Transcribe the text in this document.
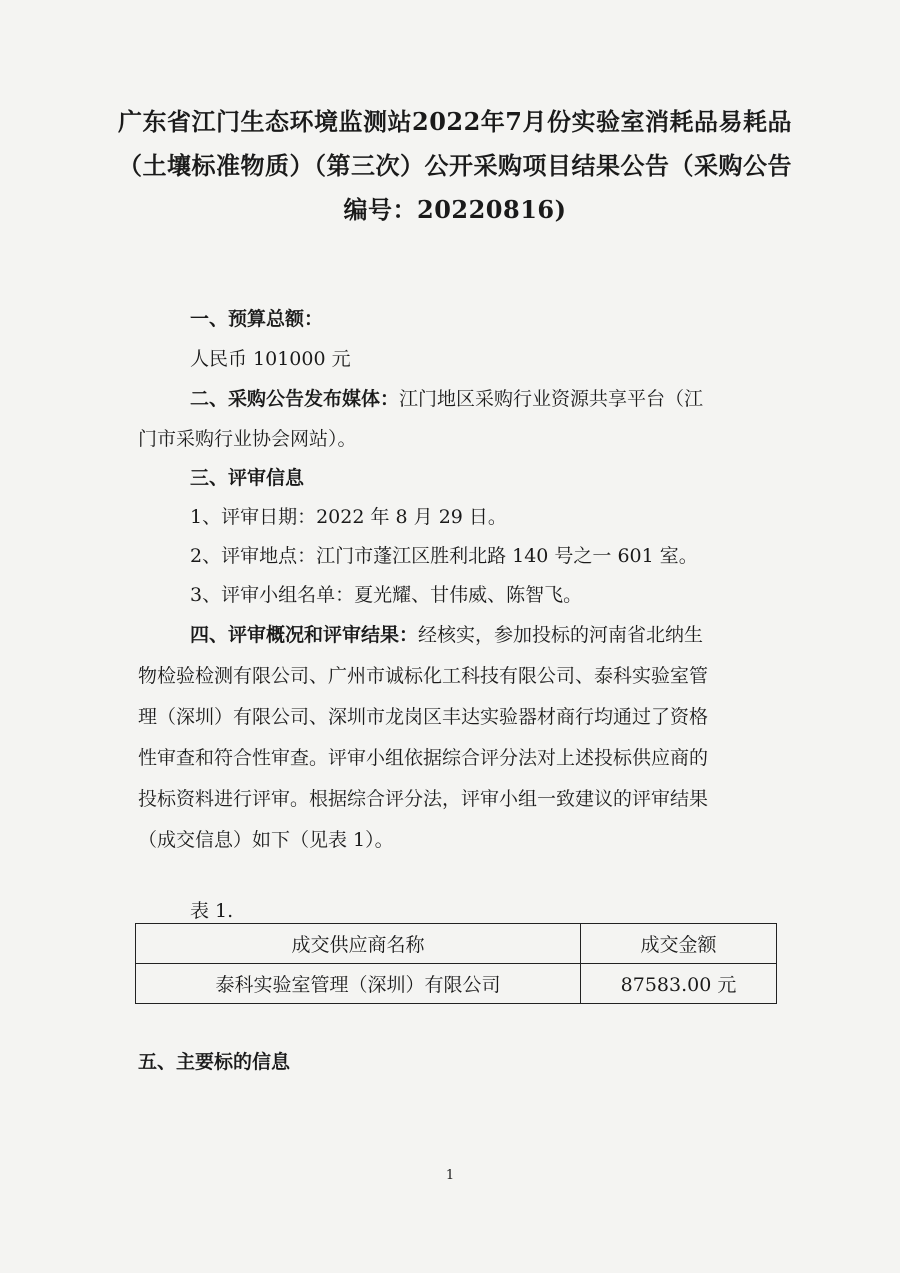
广东省江门生态环境监测站2022年7月份实验室消耗品易耗品
（土壤标准物质）（第三次）公开采购项目结果公告（采购公告
编号：20220816)
一、预算总额：
人民币 101000 元
二、采购公告发布媒体：江门地区采购行业资源共享平台（江
门市采购行业协会网站）。
三、评审信息
1、评审日期：2022 年 8 月 29 日。
2、评审地点：江门市蓬江区胜利北路 140 号之一 601 室。
3、评审小组名单：夏光耀、甘伟威、陈智飞。
四、评审概况和评审结果：经核实，参加投标的河南省北纳生
物检验检测有限公司、广州市诚标化工科技有限公司、泰科实验室管
理（深圳）有限公司、深圳市龙岗区丰达实验器材商行均通过了资格
性审查和符合性审查。评审小组依据综合评分法对上述投标供应商的
投标资料进行评审。根据综合评分法，评审小组一致建议的评审结果
（成交信息）如下（见表 1）。
表 1.
成交供应商名称	成交金额
泰科实验室管理（深圳）有限公司	87583.00 元
五、主要标的信息
1
